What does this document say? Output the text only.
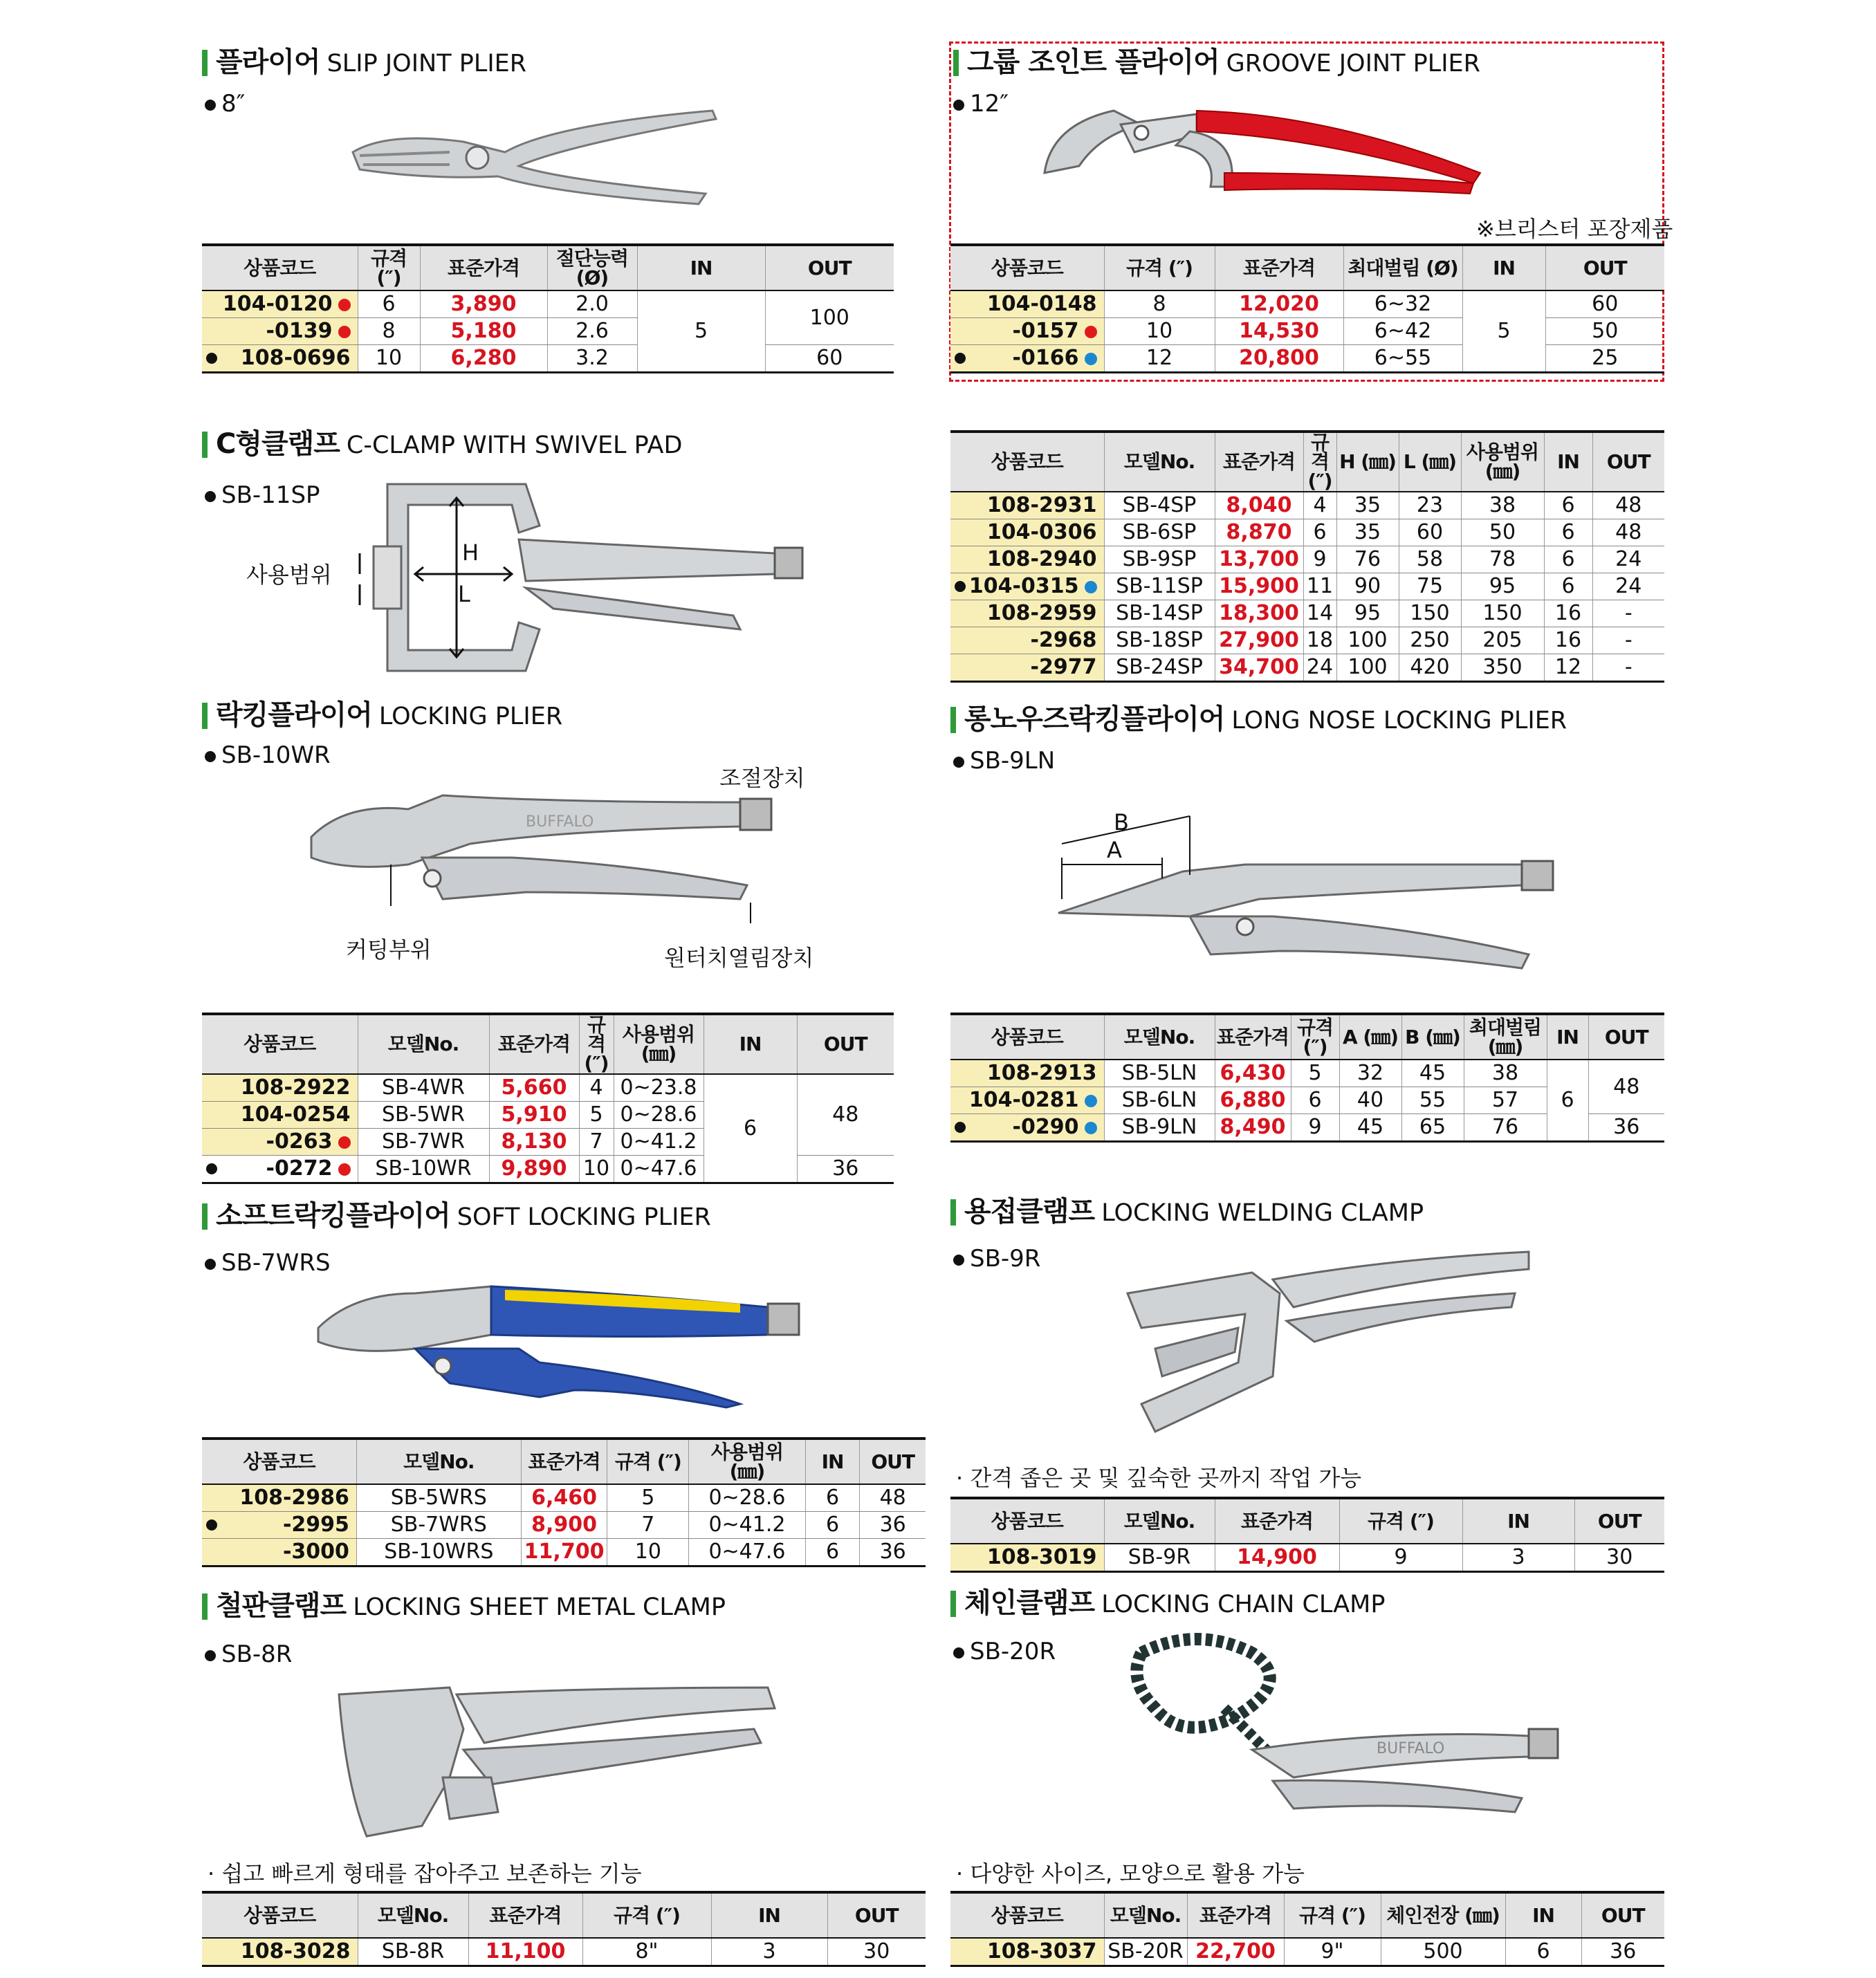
플라이어 SLIP JOINT PLIER
8″
상품코드	규격 (″)	표준가격	절단능력 (Ø)	IN	OUT
104-0120	6	3,890	2.0	5	100
-0139	8	5,180	2.6		

108-0696	10	6,280	3.2		60
그룹 조인트 플라이어 GROOVE JOINT PLIER
12″
※브리스터 포장제품
상품코드	규격 (″)	표준가격	최대벌림 (Ø)	IN	OUT
104-0148	8	12,020	6~32	5	60
-0157	10	14,530	6~42		50

-0166	12	20,800	6~55		25
C형클램프 C-CLAMP WITH SWIVEL PAD
SB-11SP
사용범위
H
L
상품코드	모델No.	표준가격	규격 (″)	H (㎜)	L (㎜)	사용범위 (㎜)	IN	OUT
108-2931	SB-4SP	8,040	4	35	23	38	6	48
104-0306	SB-6SP	8,870	6	35	60	50	6	48
108-2940	SB-9SP	13,700	9	76	58	78	6	24

104-0315	SB-11SP	15,900	11	90	75	95	6	24
108-2959	SB-14SP	18,300	14	95	150	150	16	-
-2968	SB-18SP	27,900	18	100	250	205	16	-
-2977	SB-24SP	34,700	24	100	420	350	12	-
락킹플라이어 LOCKING PLIER
SB-10WR
조절장치
커팅부위	원터치열림장치
BUFFALO
상품코드	모델No.	표준가격	규격 (″)	사용범위 (㎜)	IN	OUT
108-2922	SB-4WR	5,660	4	0~23.8	6	48
104-0254	SB-5WR	5,910	5	0~28.6		
-0263	SB-7WR	8,130	7	0~41.2		

-0272	SB-10WR	9,890	10	0~47.6		36
롱노우즈락킹플라이어 LONG NOSE LOCKING PLIER
SB-9LN
A
B
상품코드	모델No.	표준가격	규격 (″)	A (㎜)	B (㎜)	최대벌림 (㎜)	IN	OUT
108-2913	SB-5LN	6,430	5	32	45	38	6	48
104-0281	SB-6LN	6,880	6	40	55	57		

-0290	SB-9LN	8,490	9	45	65	76		36
소프트락킹플라이어 SOFT LOCKING PLIER
SB-7WRS
상품코드	모델No.	표준가격	규격 (″)	사용범위 (㎜)	IN	OUT
108-2986	SB-5WRS	6,460	5	0~28.6	6	48

-2995	SB-7WRS	8,900	7	0~41.2	6	36
-3000	SB-10WRS	11,700	10	0~47.6	6	36
용접클램프 LOCKING WELDING CLAMP
SB-9R
· 간격 좁은 곳 및 깊숙한 곳까지 작업 가능
상품코드	모델No.	표준가격	규격 (″)	IN	OUT
108-3019	SB-9R	14,900	9	3	30
철판클램프 LOCKING SHEET METAL CLAMP
SB-8R
· 쉽고 빠르게 형태를 잡아주고 보존하는 기능
상품코드	모델No.	표준가격	규격 (″)	IN	OUT
108-3028	SB-8R	11,100	8"	3	30
체인클램프 LOCKING CHAIN CLAMP
SB-20R
BUFFALO
· 다양한 사이즈, 모양으로 활용 가능
상품코드	모델No.	표준가격	규격 (″)	체인전장 (㎜)	IN	OUT
108-3037	SB-20R	22,700	9"	500	6	36
